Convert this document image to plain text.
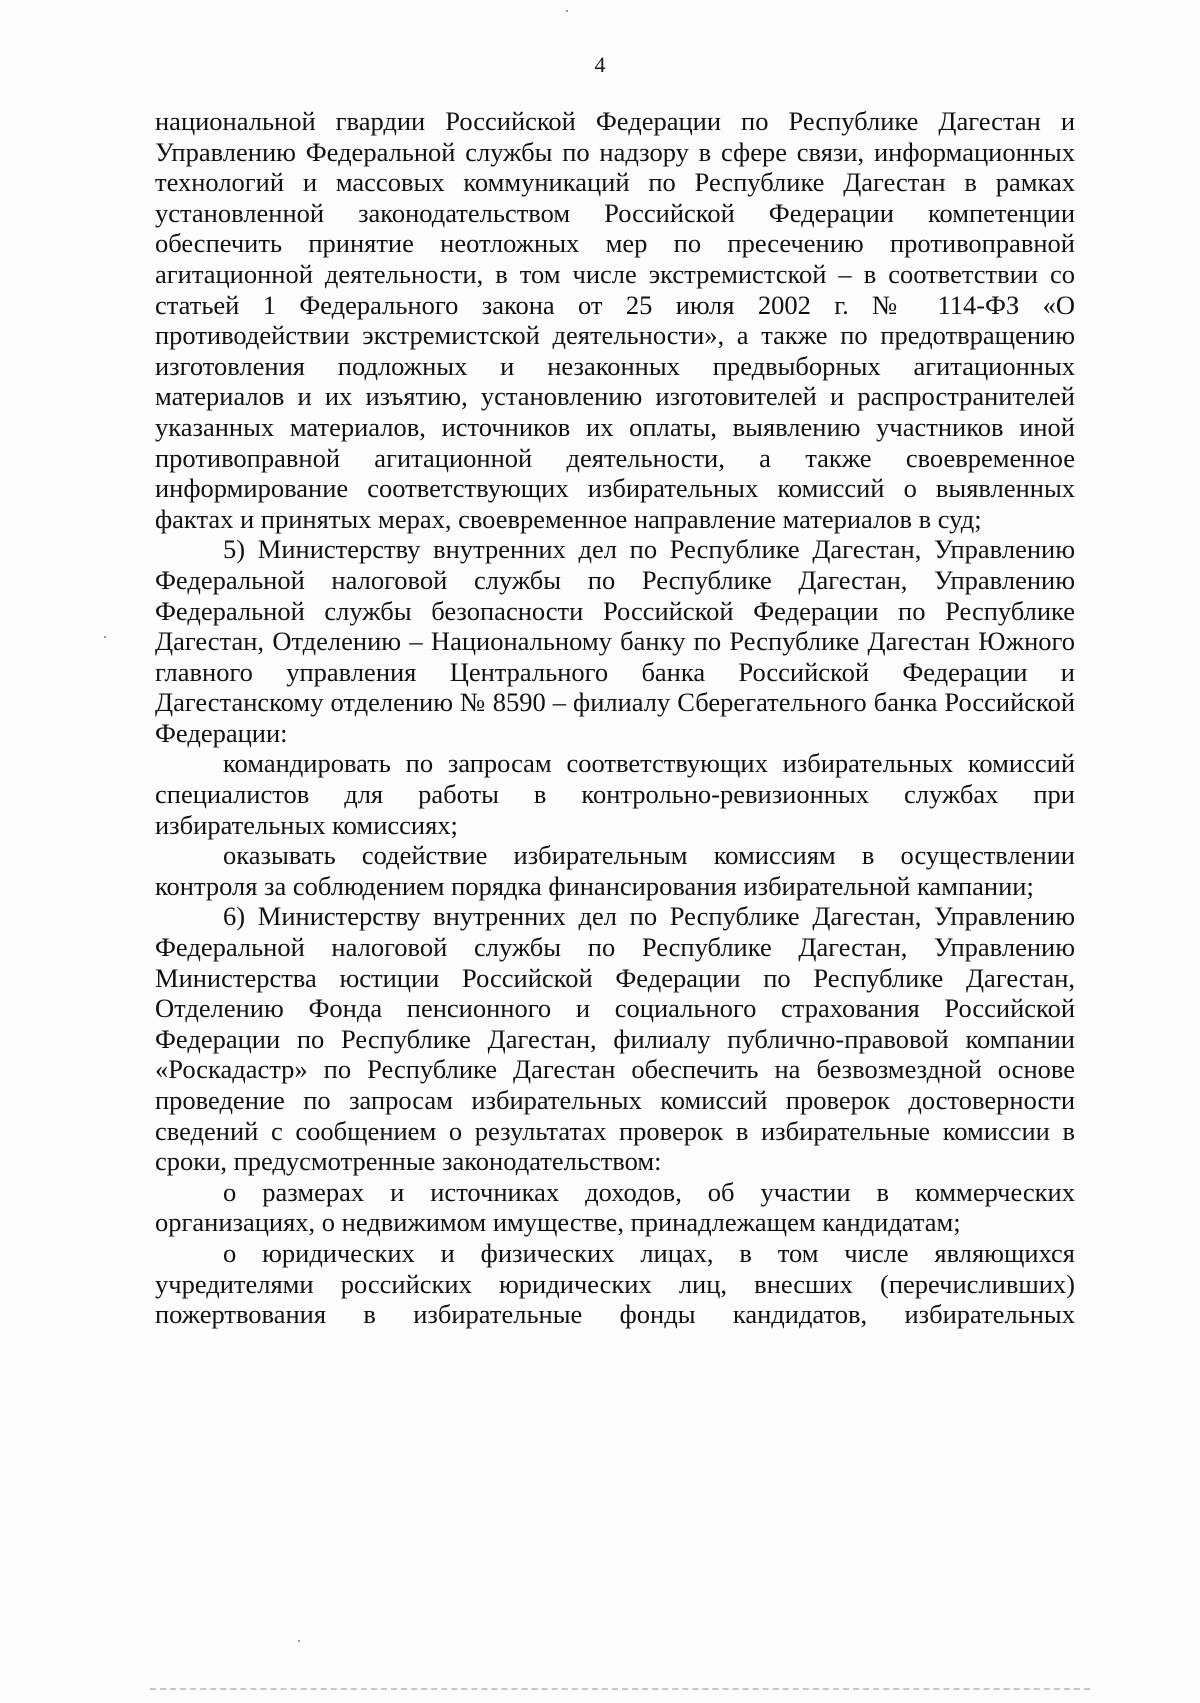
4

национальной гвардии Российской Федерации по Республике Дагестан и Управлению Федеральной службы по надзору в сфере связи, информационных технологий и массовых коммуникаций по Республике Дагестан в рамках установленной законодательством Российской Федерации компетенции обеспечить принятие неотложных мер по пресечению противоправной агитационной деятельности, в том числе экстремистской – в соответствии со статьей 1 Федерального закона от 25 июля 2002 г. № 114-ФЗ «О противодействии экстремистской деятельности», а также по предотвращению изготовления подложных и незаконных предвыборных агитационных материалов и их изъятию, установлению изготовителей и распространителей указанных материалов, источников их оплаты, выявлению участников иной противоправной агитационной деятельности, а также своевременное информирование соответствующих избирательных комиссий о выявленных фактах и принятых мерах, своевременное направление материалов в суд;

5) Министерству внутренних дел по Республике Дагестан, Управлению Федеральной налоговой службы по Республике Дагестан, Управлению Федеральной службы безопасности Российской Федерации по Республике Дагестан, Отделению – Национальному банку по Республике Дагестан Южного главного управления Центрального банка Российской Федерации и Дагестанскому отделению № 8590 – филиалу Сберегательного банка Российской Федерации:

командировать по запросам соответствующих избирательных комиссий специалистов для работы в контрольно-ревизионных службах при избирательных комиссиях;

оказывать содействие избирательным комиссиям в осуществлении контроля за соблюдением порядка финансирования избирательной кампании;

6) Министерству внутренних дел по Республике Дагестан, Управлению Федеральной налоговой службы по Республике Дагестан, Управлению Министерства юстиции Российской Федерации по Республике Дагестан, Отделению Фонда пенсионного и социального страхования Российской Федерации по Республике Дагестан, филиалу публично-правовой компании «Роскадастр» по Республике Дагестан обеспечить на безвозмездной основе проведение по запросам избирательных комиссий проверок достоверности сведений с сообщением о результатах проверок в избирательные комиссии в сроки, предусмотренные законодательством:

о размерах и источниках доходов, об участии в коммерческих организациях, о недвижимом имуществе, принадлежащем кандидатам;

о юридических и физических лицах, в том числе являющихся учредителями российских юридических лиц, внесших (перечисливших) пожертвования в избирательные фонды кандидатов, избирательных
